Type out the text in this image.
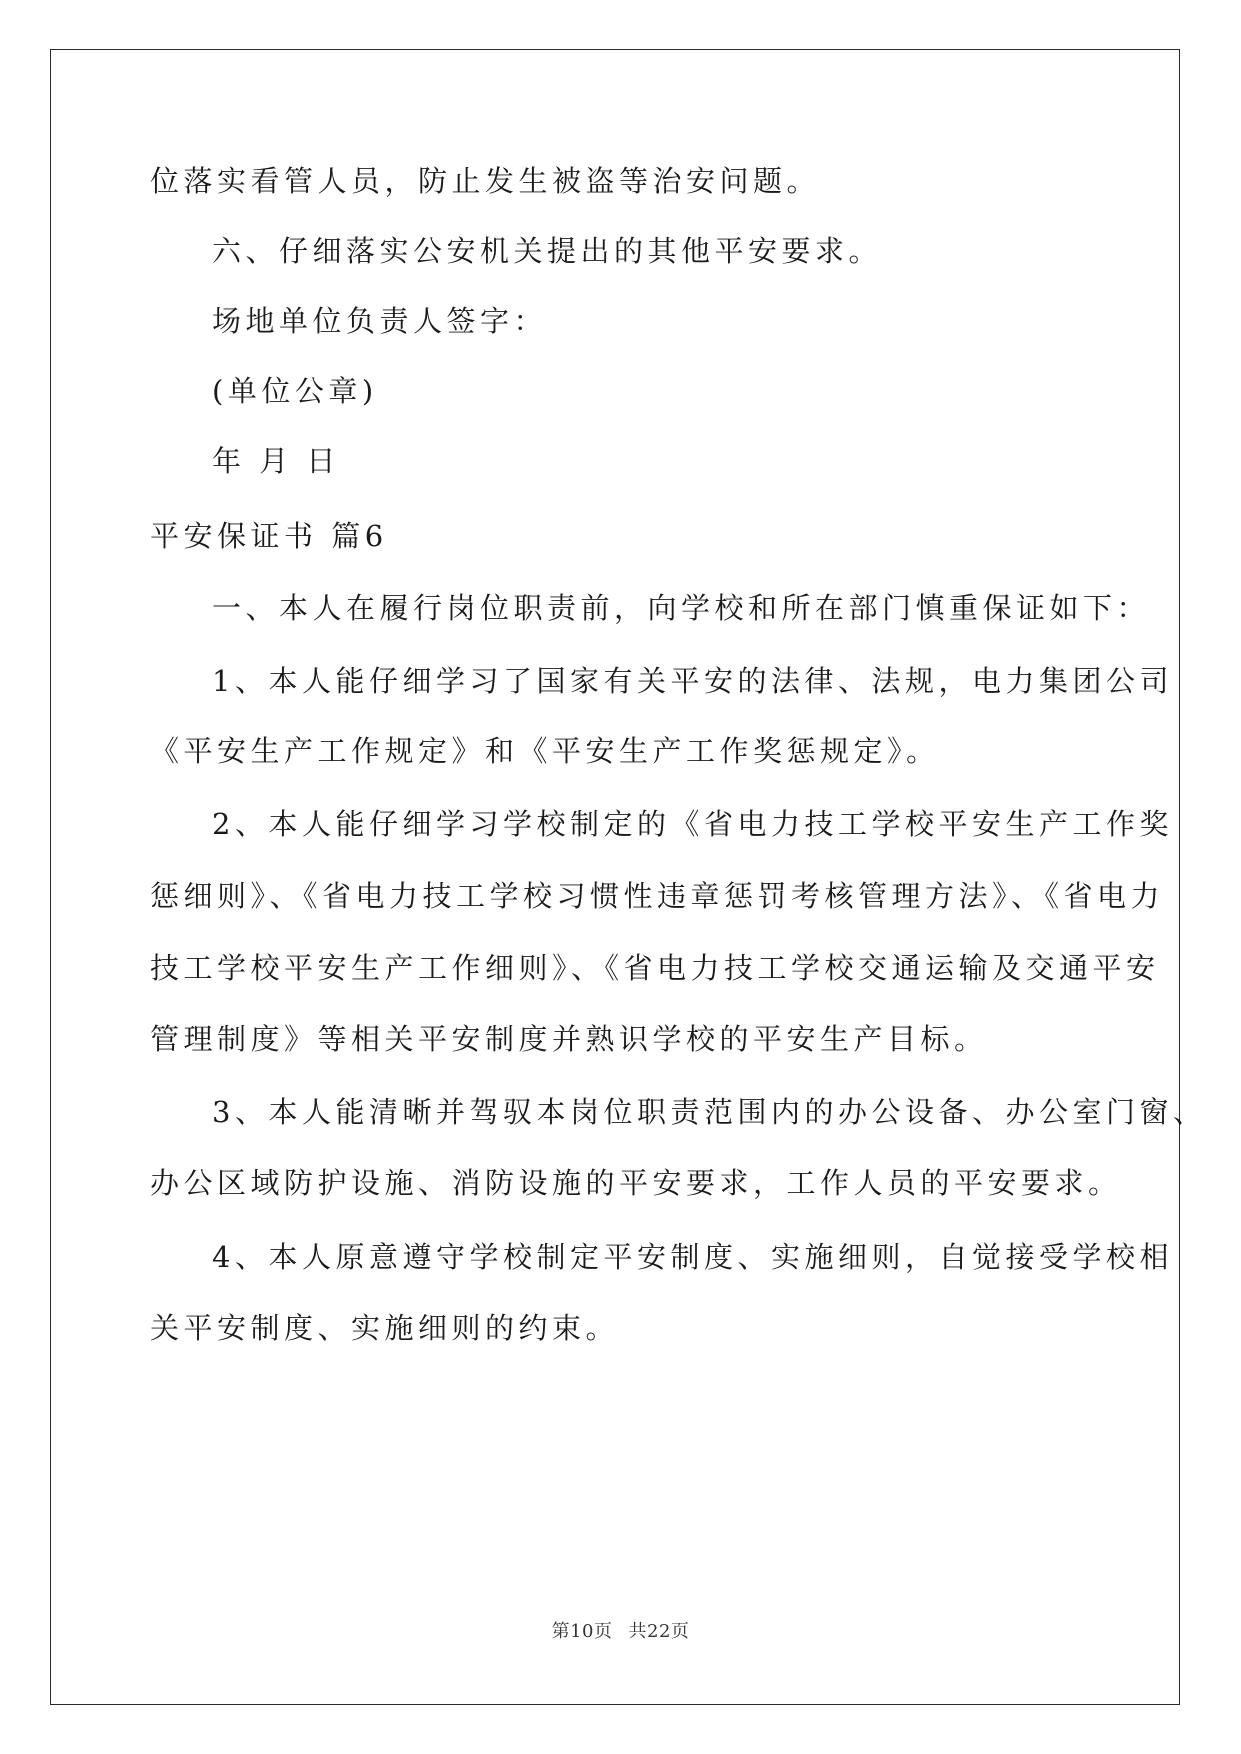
位落实看管人员，防止发生被盗等治安问题。
六、仔细落实公安机关提出的其他平安要求。
场地单位负责人签字：
(单位公章)
年 月 日
平安保证书 篇6
一、本人在履行岗位职责前，向学校和所在部门慎重保证如下：
1、本人能仔细学习了国家有关平安的法律、法规，电力集团公司
《平安生产工作规定》和《平安生产工作奖惩规定》。
2、本人能仔细学习学校制定的《省电力技工学校平安生产工作奖
惩细则》、《省电力技工学校习惯性违章惩罚考核管理方法》、《省电力
技工学校平安生产工作细则》、《省电力技工学校交通运输及交通平安
管理制度》等相关平安制度并熟识学校的平安生产目标。
3、本人能清晰并驾驭本岗位职责范围内的办公设备、办公室门窗、
办公区域防护设施、消防设施的平安要求，工作人员的平安要求。
4、本人原意遵守学校制定平安制度、实施细则，自觉接受学校相
关平安制度、实施细则的约束。
第10页 共22页
